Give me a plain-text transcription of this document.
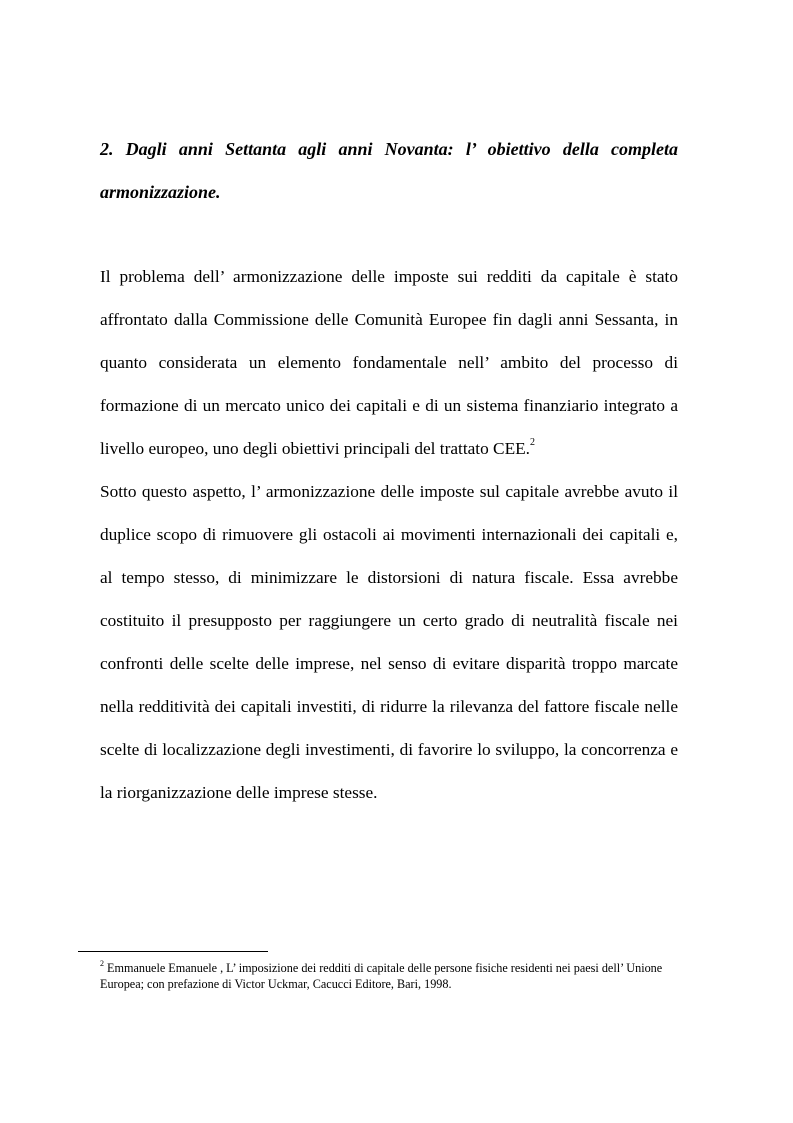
2. Dagli anni Settanta agli anni Novanta: l’ obiettivo della completa armonizzazione.

Il problema dell’ armonizzazione delle imposte sui redditi da capitale è stato affrontato dalla Commissione delle Comunità Europee fin dagli anni Sessanta, in quanto considerata un elemento fondamentale nell’ ambito del processo di formazione di un mercato unico dei capitali e di un sistema finanziario integrato a livello europeo, uno degli obiettivi principali del trattato CEE.$^2$

Sotto questo aspetto, l’ armonizzazione delle imposte sul capitale avrebbe avuto il duplice scopo di rimuovere gli ostacoli ai movimenti internazionali dei capitali e, al tempo stesso, di minimizzare le distorsioni di natura fiscale. Essa avrebbe costituito il presupposto per raggiungere un certo grado di neutralità fiscale nei confronti delle scelte delle imprese, nel senso di evitare disparità troppo marcate nella redditività dei capitali investiti, di ridurre la rilevanza del fattore fiscale nelle scelte di localizzazione degli investimenti, di favorire lo sviluppo, la concorrenza e la riorganizzazione delle imprese stesse.

$^2$ Emmanuele Emanuele , L’ imposizione dei redditi di capitale delle persone fisiche residenti nei paesi dell’ Unione Europea; con prefazione di Victor Uckmar, Cacucci Editore, Bari, 1998.
